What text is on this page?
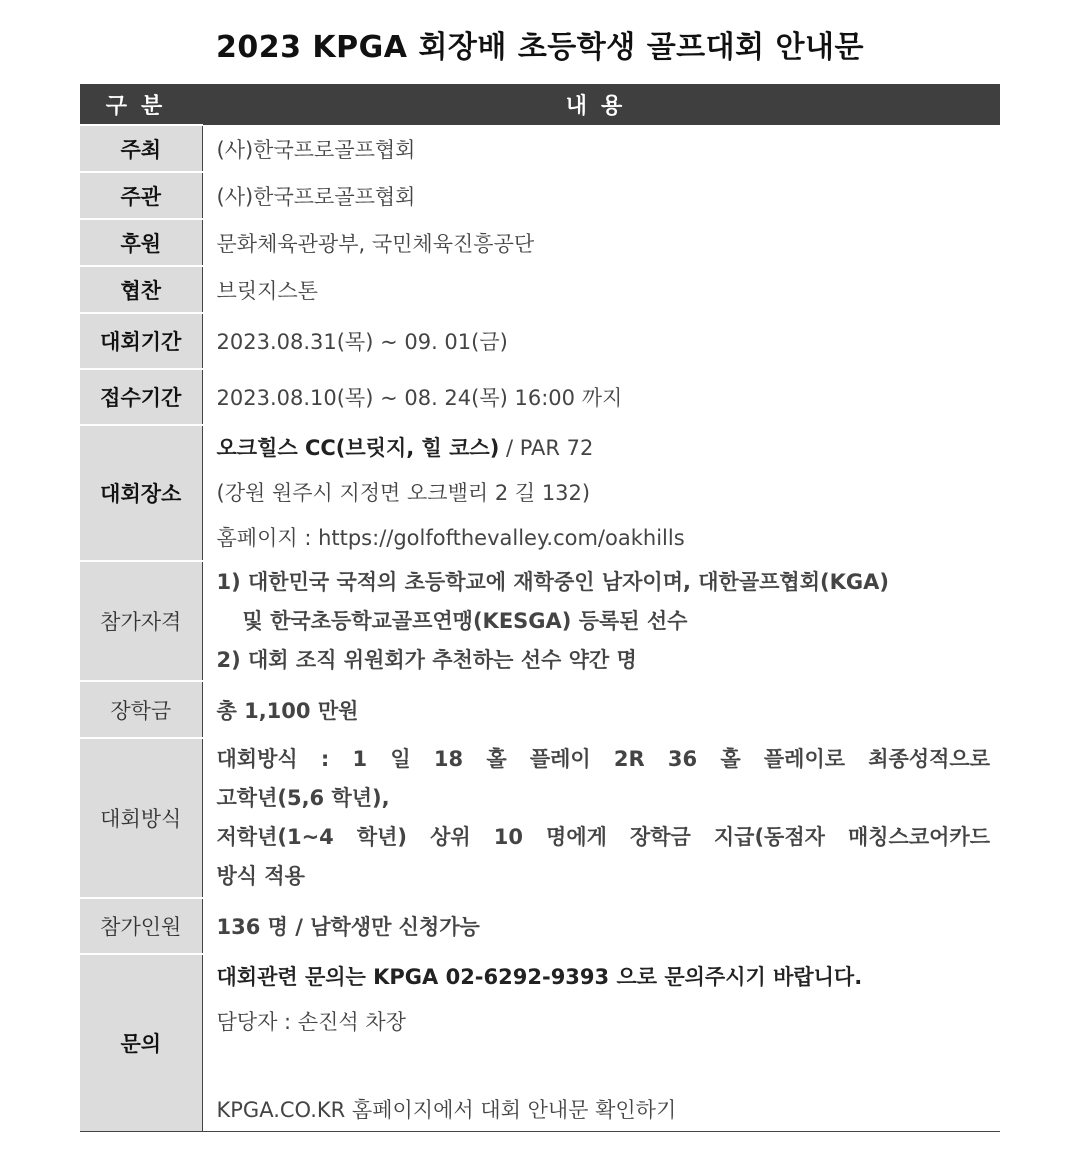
2023 KPGA 회장배 초등학생 골프대회 안내문
구분	내용
주최	(사)한국프로골프협회
주관	(사)한국프로골프협회
후원	문화체육관광부, 국민체육진흥공단
협찬	브릿지스톤
대회기간	2023.08.31(목) ~ 09. 01(금)
접수기간	2023.08.10(목) ~ 08. 24(목) 16:00 까지
대회장소	오크힐스 CC(브릿지, 힐 코스) / PAR 72
(강원 원주시 지정면 오크밸리 2 길 132)
홈페이지 : https://golfofthevalley.com/oakhills

참가자격	1) 대한민국 국적의 초등학교에 재학중인 남자이며, 대한골프협회(KGA)
및 한국초등학교골프연맹(KESGA) 등록된 선수
2) 대회 조직 위원회가 추천하는 선수 약간 명

장학금	총 1,100 만원
대회방식	대회방식 : 1 일 18 홀 플레이 2R 36 홀 플레이로 최종성적으로
고학년(5,6 학년),
저학년(1~4 학년) 상위 10 명에게 장학금 지급(동점자 매칭스코어카드
방식 적용

참가인원	136 명 / 남학생만 신청가능
문의	대회관련 문의는 KPGA 02-6292-9393 으로 문의주시기 바랍니다.
담당자 : 손진석 차장
KPGA.CO.KR 홈페이지에서 대회 안내문 확인하기
